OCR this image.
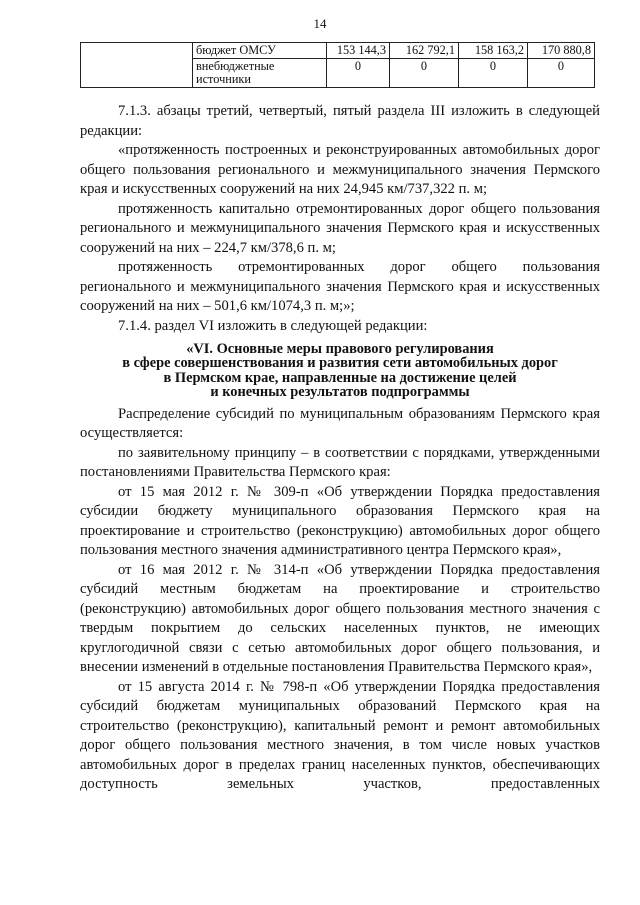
14
	бюджет ОМСУ	153 144,3	162 792,1	158 163,2	170 880,8
	внебюджетные источники	0	0	0	0

7.1.3. абзацы третий, четвертый, пятый раздела III изложить в следующей редакции:

«протяженность построенных и реконструированных автомобильных дорог общего пользования регионального и межмуниципального значения Пермского края и искусственных сооружений на них 24,945 км/737,322 п. м;

протяженность капитально отремонтированных дорог общего пользования регионального и межмуниципального значения Пермского края и искусственных сооружений на них – 224,7 км/378,6 п. м;

протяженность отремонтированных дорог общего пользования регионального и межмуниципального значения Пермского края и искусственных сооружений на них – 501,6 км/1074,3 п. м;»;

7.1.4. раздел VI изложить в следующей редакции:

«VI. Основные меры правового регулирования
в сфере совершенствования и развития сети автомобильных дорог
в Пермском крае, направленные на достижение целей
и конечных результатов подпрограммы

Распределение субсидий по муниципальным образованиям Пермского края осуществляется:

по заявительному принципу – в соответствии с порядками, утвержденными постановлениями Правительства Пермского края:

от 15 мая 2012 г. № 309-п «Об утверждении Порядка предоставления субсидии бюджету муниципального образования Пермского края на проектирование и строительство (реконструкцию) автомобильных дорог общего пользования местного значения административного центра Пермского края»,

от 16 мая 2012 г. № 314-п «Об утверждении Порядка предоставления субсидий местным бюджетам на проектирование и строительство (реконструкцию) автомобильных дорог общего пользования местного значения с твердым покрытием до сельских населенных пунктов, не имеющих круглогодичной связи с сетью автомобильных дорог общего пользования, и внесении изменений в отдельные постановления Правительства Пермского края»,

от 15 августа 2014 г. № 798-п «Об утверждении Порядка предоставления субсидий бюджетам муниципальных образований Пермского края на строительство (реконструкцию), капитальный ремонт и ремонт автомобильных дорог общего пользования местного значения, в том числе новых участков автомобильных дорог в пределах границ населенных пунктов, обеспечивающих доступность земельных участков, предоставленных
